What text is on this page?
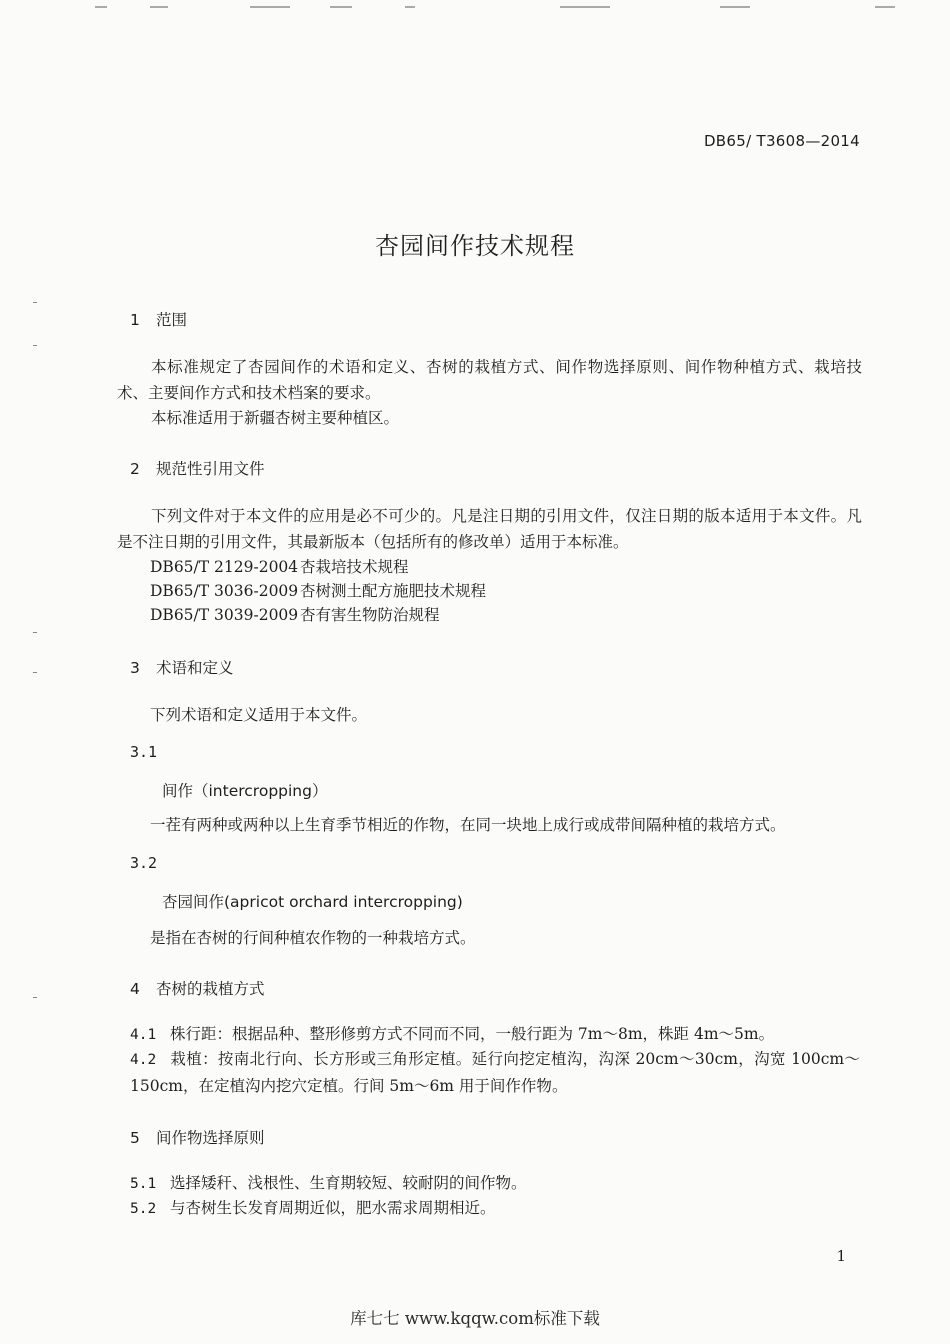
DB65/ T3608—2014
杏园间作技术规程
1 范围
本标准规定了杏园间作的术语和定义、杏树的栽植方式、间作物选择原则、间作物种植方式、栽培技术、主要间作方式和技术档案的要求。
本标准适用于新疆杏树主要种植区。
2 规范性引用文件
下列文件对于本文件的应用是必不可少的。凡是注日期的引用文件，仅注日期的版本适用于本文件。凡是不注日期的引用文件，其最新版本（包括所有的修改单）适用于本标准。
DB65/T 2129-2004 杏栽培技术规程
DB65/T 3036-2009 杏树测土配方施肥技术规程
DB65/T 3039-2009 杏有害生物防治规程
3 术语和定义
下列术语和定义适用于本文件。
3.1
间作（intercropping）
一茬有两种或两种以上生育季节相近的作物，在同一块地上成行或成带间隔种植的栽培方式。
3.2
杏园间作(apricot orchard intercropping)
是指在杏树的行间种植农作物的一种栽培方式。
4 杏树的栽植方式
4.1 株行距：根据品种、整形修剪方式不同而不同，一般行距为 7m～8m，株距 4m～5m。
4.2 栽植：按南北行向、长方形或三角形定植。延行向挖定植沟，沟深 20cm～30cm，沟宽 100cm～150cm，在定植沟内挖穴定植。行间 5m～6m 用于间作作物。
5 间作物选择原则
5.1 选择矮秆、浅根性、生育期较短、较耐阴的间作物。
5.2 与杏树生长发育周期近似，肥水需求周期相近。
1
库七七 www.kqqw.com标准下载
